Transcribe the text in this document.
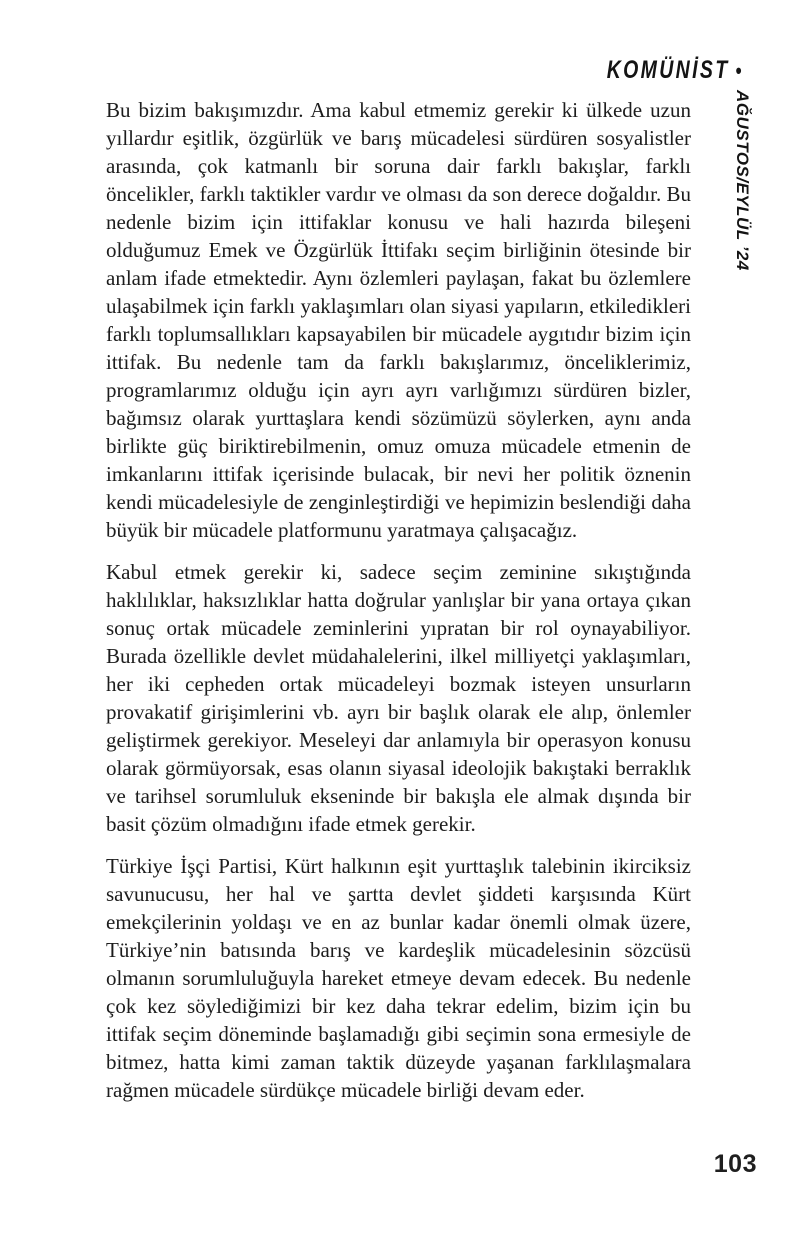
KOMÜNİST •
AĞUSTOS/EYLÜL ’24

Bu bizim bakışımızdır. Ama kabul etmemiz gerekir ki ülkede uzun yıllardır eşitlik, özgürlük ve barış mücadelesi sürdüren sosyalistler arasında, çok katmanlı bir soruna dair farklı bakışlar, farklı öncelikler, farklı taktikler vardır ve olması da son derece doğaldır. Bu nedenle bizim için ittifaklar konusu ve hali hazırda bileşeni olduğumuz Emek ve Özgürlük İttifakı seçim birliğinin ötesinde bir anlam ifade etmektedir. Aynı özlemleri paylaşan, fakat bu özlemlere ulaşabilmek için farklı yaklaşımları olan siyasi yapıların, etkiledikleri farklı toplumsallıkları kapsayabilen bir mücadele aygıtıdır bizim için ittifak. Bu nedenle tam da farklı bakışlarımız, önceliklerimiz, programlarımız olduğu için ayrı ayrı varlığımızı sürdüren bizler, bağımsız olarak yurttaşlara kendi sözümüzü söylerken, aynı anda birlikte güç biriktirebilmenin, omuz omuza mücadele etmenin de imkanlarını ittifak içerisinde bulacak, bir nevi her politik öznenin kendi mücadelesiyle de zenginleştirdiği ve hepimizin beslendiği daha büyük bir mücadele platformunu yaratmaya çalışacağız.

Kabul etmek gerekir ki, sadece seçim zeminine sıkıştığında haklılıklar, haksızlıklar hatta doğrular yanlışlar bir yana ortaya çıkan sonuç ortak mücadele zeminlerini yıpratan bir rol oynayabiliyor. Burada özellikle devlet müdahalelerini, ilkel milliyetçi yaklaşımları, her iki cepheden ortak mücadeleyi bozmak isteyen unsurların provakatif girişimlerini vb. ayrı bir başlık olarak ele alıp, önlemler geliştirmek gerekiyor. Meseleyi dar anlamıyla bir operasyon konusu olarak görmüyorsak, esas olanın siyasal ideolojik bakıştaki berraklık ve tarihsel sorumluluk ekseninde bir bakışla ele almak dışında bir basit çözüm olmadığını ifade etmek gerekir.

Türkiye İşçi Partisi, Kürt halkının eşit yurttaşlık talebinin ikirciksiz savunucusu, her hal ve şartta devlet şiddeti karşısında Kürt emekçilerinin yoldaşı ve en az bunlar kadar önemli olmak üzere, Türkiye’nin batısında barış ve kardeşlik mücadelesinin sözcüsü olmanın sorumluluğuyla hareket etmeye devam edecek. Bu nedenle çok kez söylediğimizi bir kez daha tekrar edelim, bizim için bu ittifak seçim döneminde başlamadığı gibi seçimin sona ermesiyle de bitmez, hatta kimi zaman taktik düzeyde yaşanan farklılaşmalara rağmen mücadele sürdükçe mücadele birliği devam eder.

103
